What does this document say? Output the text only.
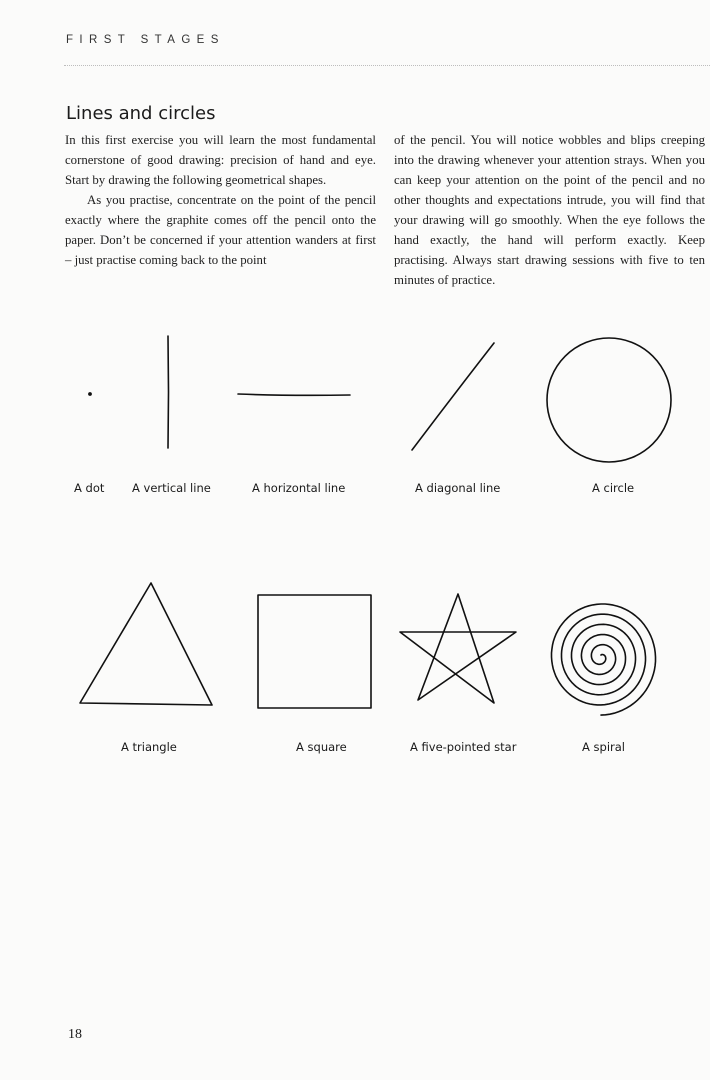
FIRST STAGES
Lines and circles

In this first exercise you will learn the most fundamental cornerstone of good drawing: precision of hand and eye. Start by drawing the following geometrical shapes.

As you practise, concentrate on the point of the pencil exactly where the graphite comes off the pencil onto the paper. Don’t be concerned if your attention wanders at first – just practise coming back to the point

of the pencil. You will notice wobbles and blips creeping into the drawing whenever your attention strays. When you can keep your attention on the point of the pencil and no other thoughts and expectations intrude, you will find that your drawing will go smoothly. When the eye follows the hand exactly, the hand will perform exactly. Keep practising. Always start drawing sessions with five to ten minutes of practice.

A dot A vertical line	A horizontal line	A diagonal line	A circle
A triangle	A square	A five-pointed star	A spiral
18
